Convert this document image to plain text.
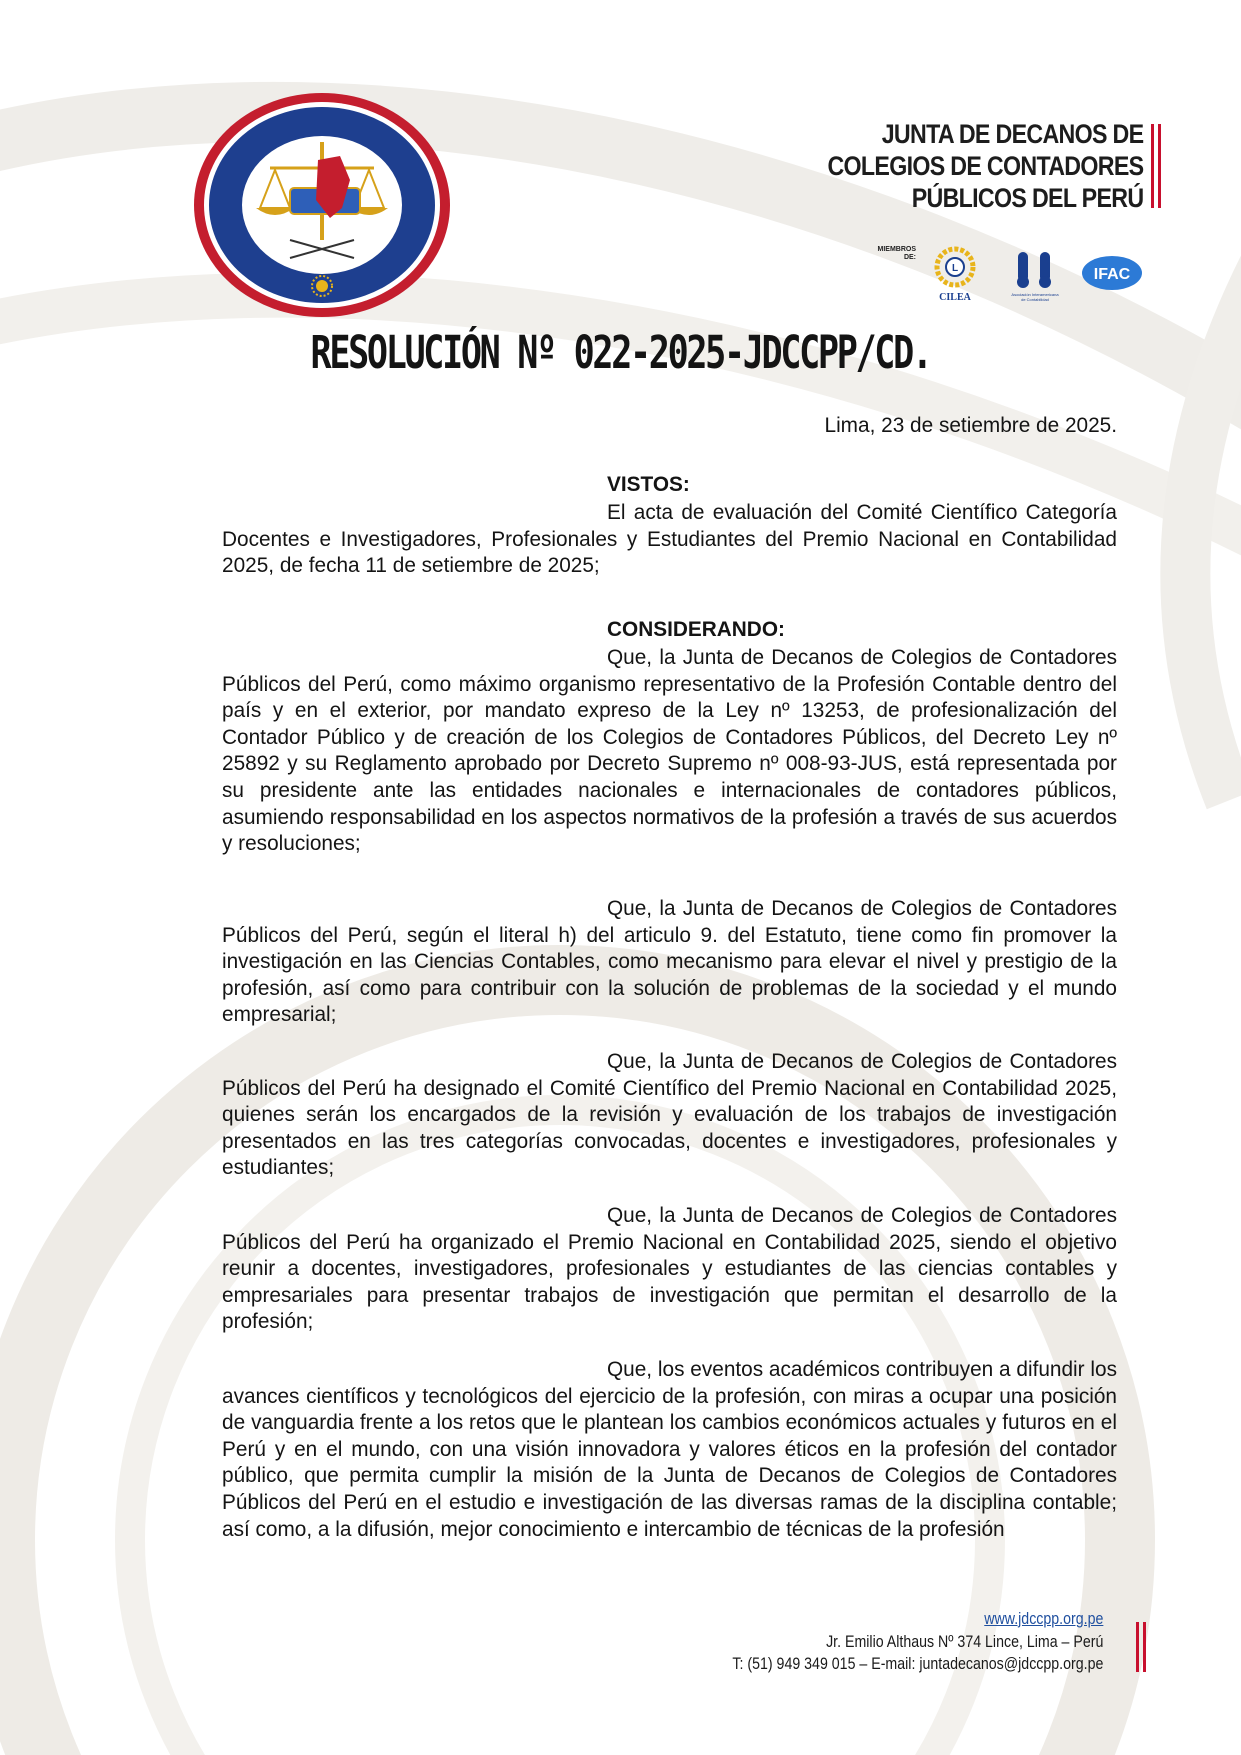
JUNTA DE DECANOS DE
COLEGIOS DE CONTADORES
PÚBLICOS DEL PERÚ
MIEMBROS
DE:
L
CILEA	Asociación Interamericana
de Contabilidad
IFAC
RESOLUCIÓN Nº 022-2025-JDCCPP/CD.
Lima, 23 de setiembre de 2025.
VISTOS:

El acta de evaluación del Comité Científico Categoría Docentes e Investigadores, Profesionales y Estudiantes del Premio Nacional en Contabilidad 2025, de fecha 11 de setiembre de 2025;

CONSIDERANDO:

Que, la Junta de Decanos de Colegios de Contadores Públicos del Perú, como máximo organismo representativo de la Profesión Contable dentro del país y en el exterior, por mandato expreso de la Ley nº 13253, de profesionalización del Contador Público y de creación de los Colegios de Contadores Públicos, del Decreto Ley nº 25892 y su Reglamento aprobado por Decreto Supremo nº 008-93-JUS, está representada por su presidente ante las entidades nacionales e internacionales de contadores públicos, asumiendo responsabilidad en los aspectos normativos de la profesión a través de sus acuerdos y resoluciones;

Que, la Junta de Decanos de Colegios de Contadores Públicos del Perú, según el literal h) del articulo 9. del Estatuto, tiene como fin promover la investigación en las Ciencias Contables, como mecanismo para elevar el nivel y prestigio de la profesión, así como para contribuir con la solución de problemas de la sociedad y el mundo empresarial;

Que, la Junta de Decanos de Colegios de Contadores Públicos del Perú ha designado el Comité Científico del Premio Nacional en Contabilidad 2025, quienes serán los encargados de la revisión y evaluación de los trabajos de investigación presentados en las tres categorías convocadas, docentes e investigadores, profesionales y estudiantes;

Que, la Junta de Decanos de Colegios de Contadores Públicos del Perú ha organizado el Premio Nacional en Contabilidad 2025, siendo el objetivo reunir a docentes, investigadores, profesionales y estudiantes de las ciencias contables y empresariales para presentar trabajos de investigación que permitan el desarrollo de la profesión;

Que, los eventos académicos contribuyen a difundir los avances científicos y tecnológicos del ejercicio de la profesión, con miras a ocupar una posición de vanguardia frente a los retos que le plantean los cambios económicos actuales y futuros en el Perú y en el mundo, con una visión innovadora y valores éticos en la profesión del contador público, que permita cumplir la misión de la Junta de Decanos de Colegios de Contadores Públicos del Perú en el estudio e investigación de las diversas ramas de la disciplina contable; así como, a la difusión, mejor conocimiento e intercambio de técnicas de la profesión

www.jdccpp.org.pe
Jr. Emilio Althaus Nº 374 Lince, Lima – Perú
T: (51) 949 349 015 – E-mail: juntadecanos@jdccpp.org.pe
